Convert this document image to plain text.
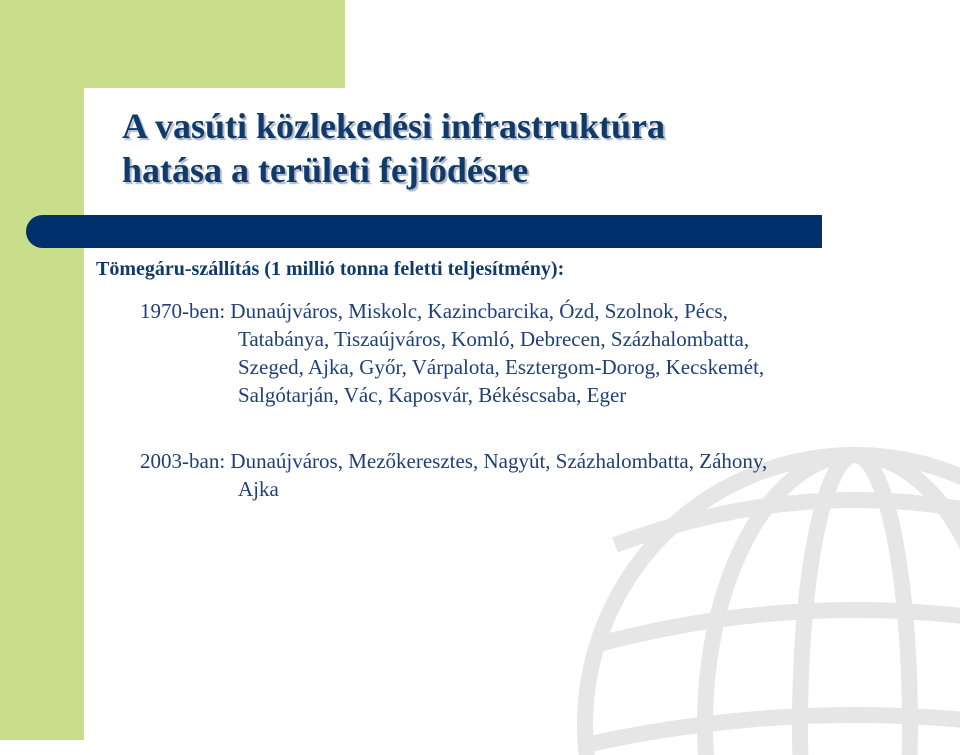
A vasúti közlekedési infrastruktúra
hatása a területi fejlődésre
Tömegáru-szállítás (1 millió tonna feletti teljesítmény):
1970-ben: Dunaújváros, Miskolc, Kazincbarcika, Ózd, Szolnok, Pécs,
Tatabánya, Tiszaújváros, Komló, Debrecen, Százhalombatta,
Szeged, Ajka, Győr, Várpalota, Esztergom-Dorog, Kecskemét,
Salgótarján, Vác, Kaposvár, Békéscsaba, Eger
2003-ban: Dunaújváros, Mezőkeresztes, Nagyút, Százhalombatta, Záhony,
Ajka
